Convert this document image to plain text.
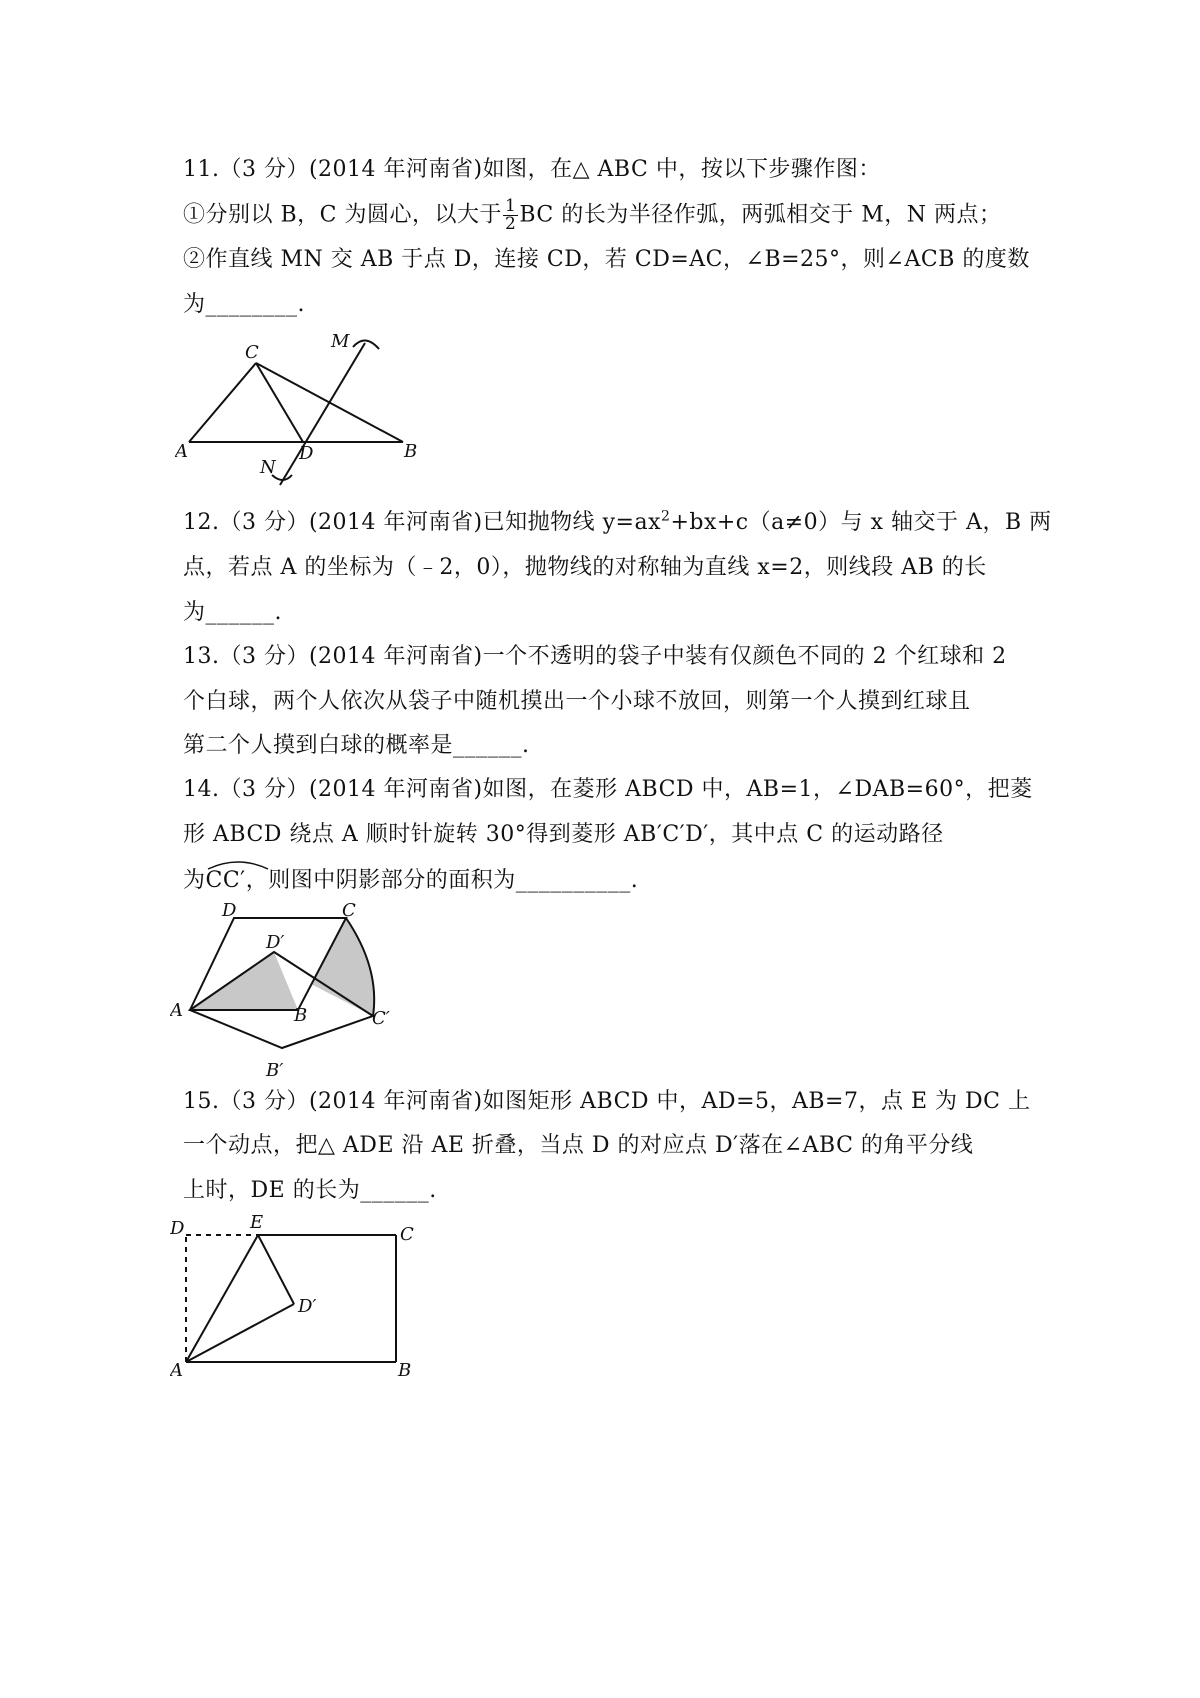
11.（3 分）(2014 年河南省)如图，在△ ABC 中，按以下步骤作图：
①分别以 B，C 为圆心，以大于 $\frac{1}{2}$ BC 的长为半径作弧，两弧相交于 M，N 两点；
②作直线 MN 交 AB 于点 D，连接 CD，若 CD=AC，∠B=25°，则∠ACB 的度数
为________.
C
M
A	D	B
N
12.（3 分）(2014 年河南省)已知抛物线 $y=ax^2+bx+c(a\ne 0)$与 x 轴交于 A，B 两
点，若点 A 的坐标为（﹣2，0），抛物线的对称轴为直线 x=2，则线段 AB 的长
为______.
13.（3 分）(2014 年河南省)一个不透明的袋子中装有仅颜色不同的 2 个红球和 2
个白球，两个人依次从袋子中随机摸出一个小球不放回，则第一个人摸到红球且
第二个人摸到白球的概率是______.
14.（3 分）(2014 年河南省)如图，在菱形 ABCD 中，AB=1，∠DAB=60°，把菱
形 ABCD 绕点 A 顺时针旋转 30°得到菱形 AB′C′D′，其中点 C 的运动路径
为
CC′，则图中阴影部分的面积为__________.
D	C
D′
A	B	C′
B′
15.（3 分）(2014 年河南省)如图矩形 ABCD 中，AD=5，AB=7，点 E 为 DC 上
一个动点，把△ ADE 沿 AE 折叠，当点 D 的对应点 D′落在∠ABC 的角平分线
上时，DE 的长为______.
D	E
C
D′
A	B
